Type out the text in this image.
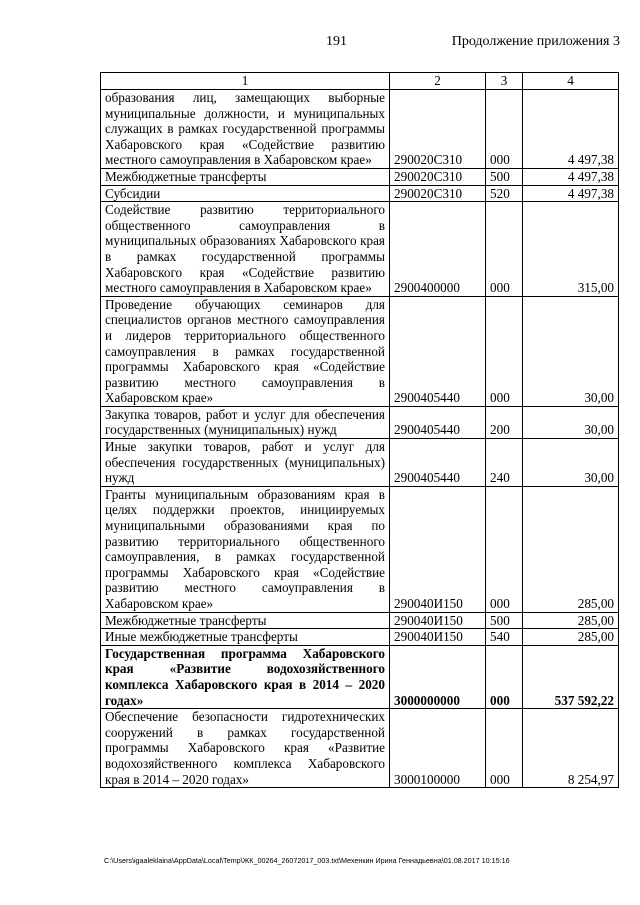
191	Продолжение приложения 3
1	2	3	4
образования лиц, замещающих выборные муниципальные должности, и муниципальных служащих в рамках государственной программы Хабаровского края «Содействие развитию местного самоуправления в Хабаровском крае»	290020С310	000	4 497,38
Межбюджетные трансферты	290020С310	500	4 497,38
Субсидии	290020С310	520	4 497,38
Содействие развитию территориального общественного самоуправления в муниципальных образованиях Хабаровского края в рамках государственной программы Хабаровского края «Содействие развитию местного самоуправления в Хабаровском крае»	2900400000	000	315,00
Проведение обучающих семинаров для специалистов органов местного самоуправления и лидеров территориального общественного самоуправления в рамках государственной программы Хабаровского края «Содействие развитию местного самоуправления в Хабаровском крае»	2900405440	000	30,00
Закупка товаров, работ и услуг для обеспечения государственных (муниципальных) нужд	2900405440	200	30,00
Иные закупки товаров, работ и услуг для обеспечения государственных (муниципальных) нужд	2900405440	240	30,00
Гранты муниципальным образованиям края в целях поддержки проектов, инициируемых муниципальными образованиями края по развитию территориального общественного самоуправления, в рамках государственной программы Хабаровского края «Содействие развитию местного самоуправления в Хабаровском крае»	290040И150	000	285,00
Межбюджетные трансферты	290040И150	500	285,00
Иные межбюджетные трансферты	290040И150	540	285,00
Государственная программа Хабаровского края «Развитие водохозяйственного комплекса Хабаровского края в 2014 – 2020 годах»	3000000000	000	537 592,22
Обеспечение безопасности гидротехнических сооружений в рамках государственной программы Хабаровского края «Развитие водохозяйственного комплекса Хабаровского края в 2014 – 2020 годах»	3000100000	000	8 254,97
C:\Users\igaaleklaina\AppData\Local\Temp\ЖК_00264_26072017_003.txt\Мехенкин Ирина Геннадьевна\01.08.2017 10:15:16
